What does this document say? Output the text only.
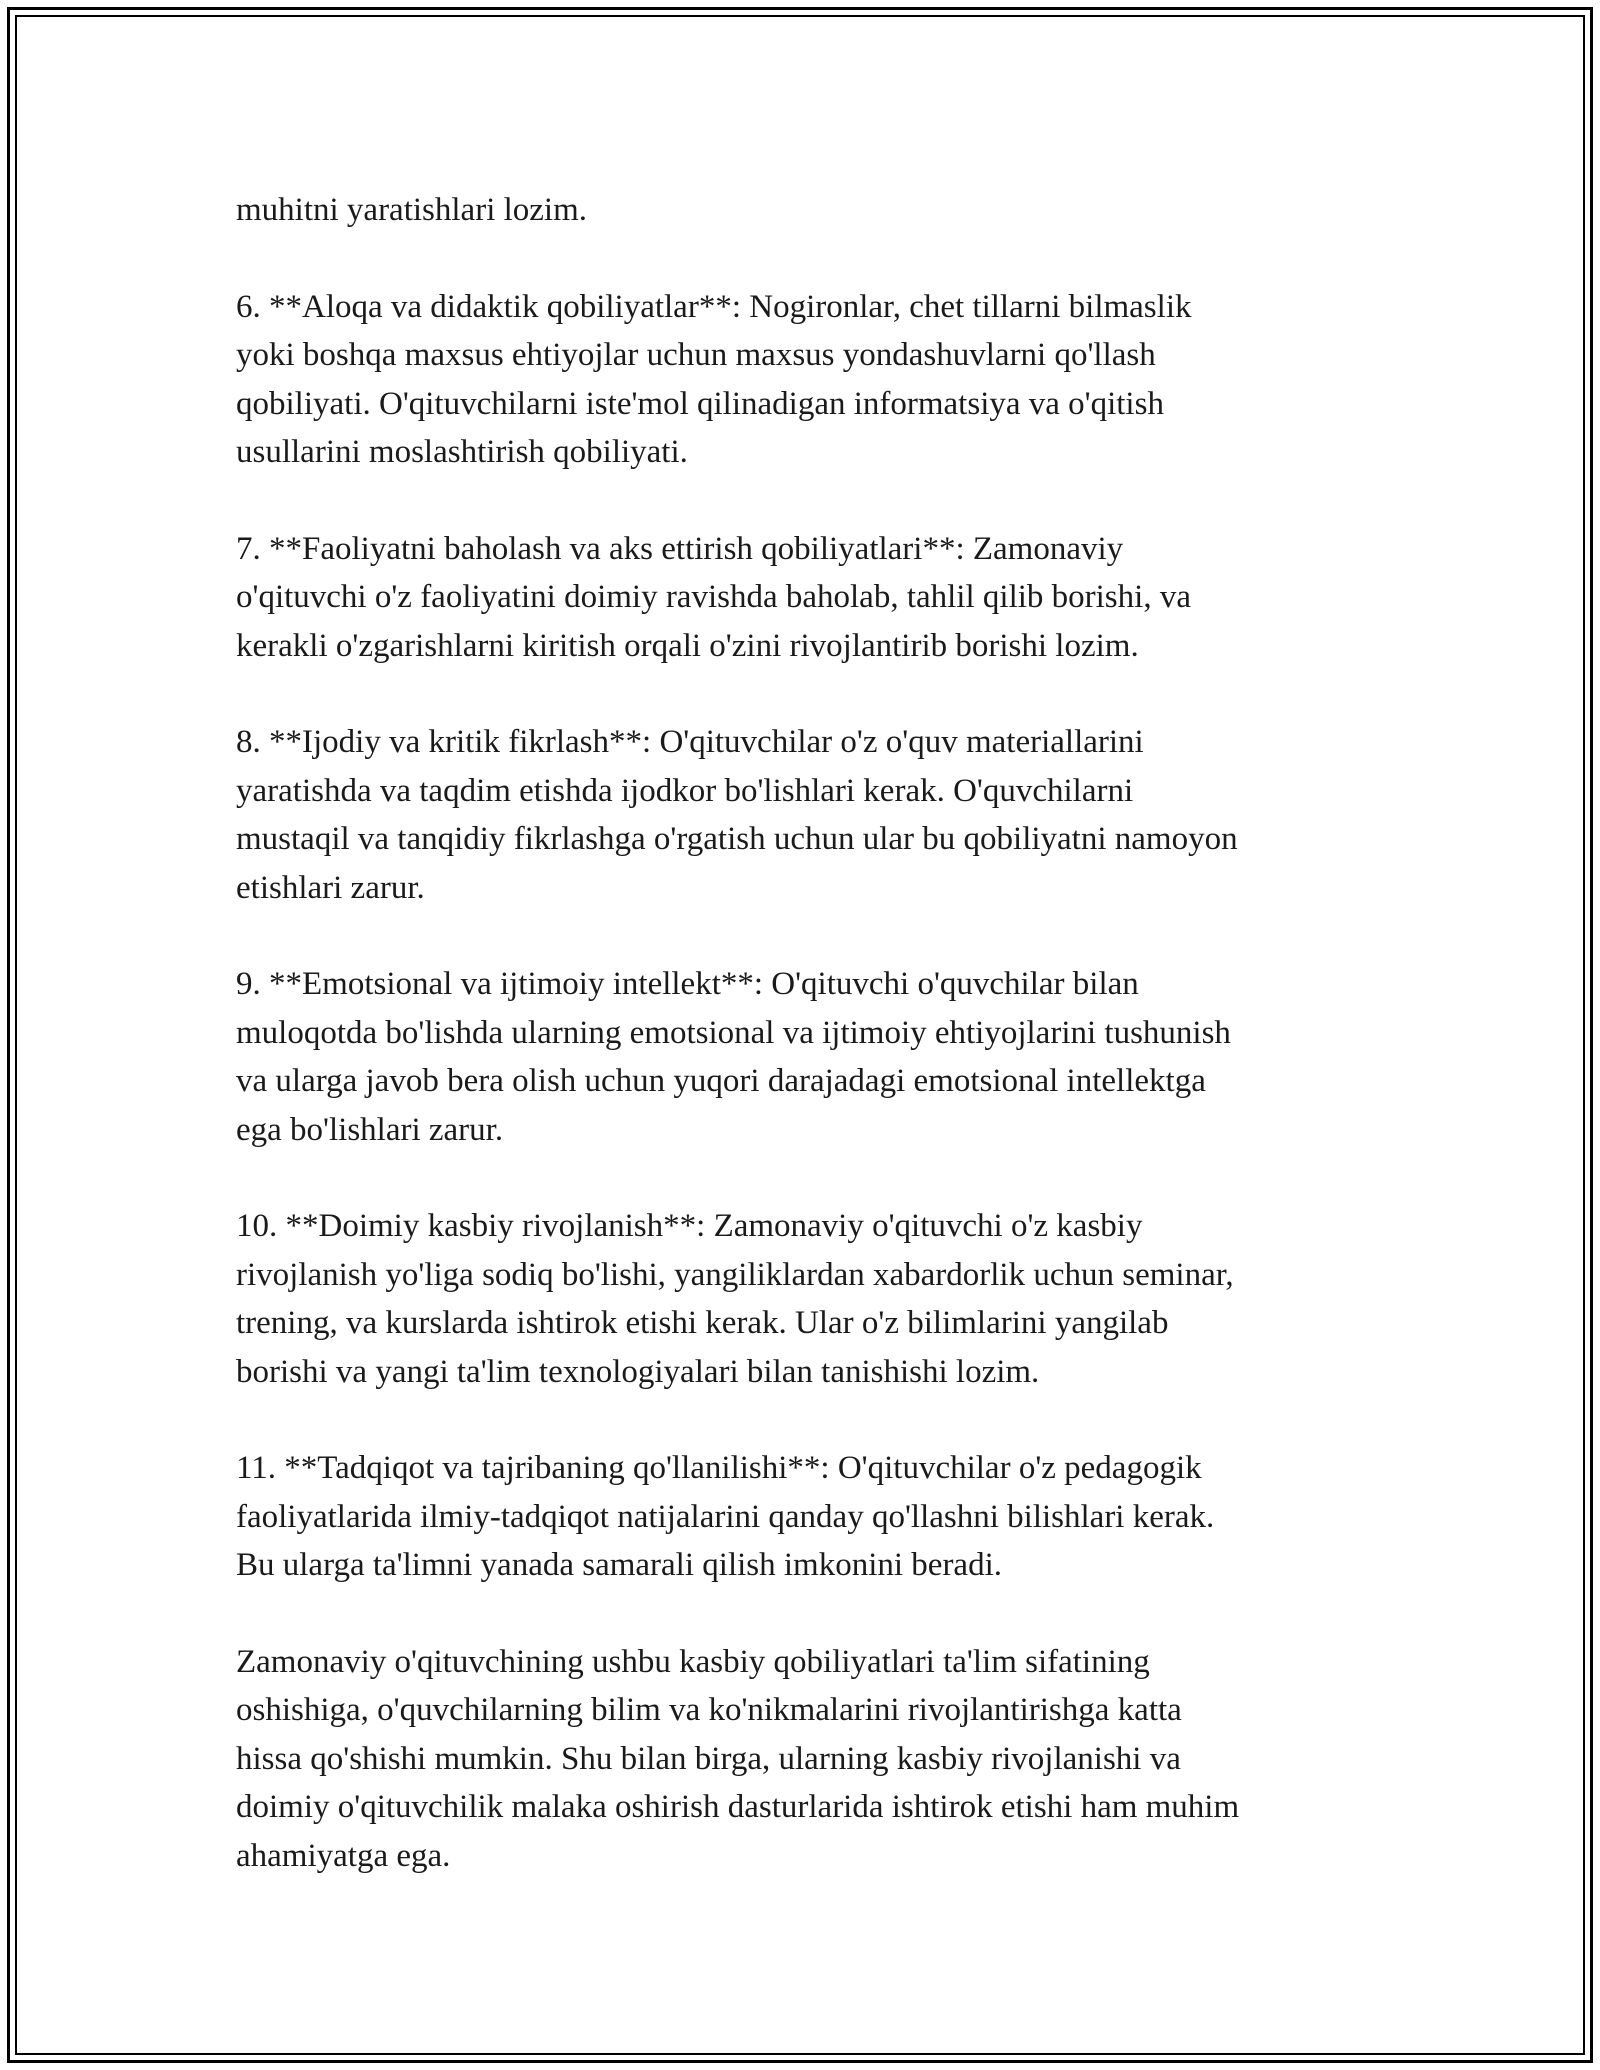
muhitni yaratishlari lozim.

6. **Aloqa va didaktik qobiliyatlar**: Nogironlar, chet tillarni bilmaslik
yoki boshqa maxsus ehtiyojlar uchun maxsus yondashuvlarni qo'llash
qobiliyati. O'qituvchilarni iste'mol qilinadigan informatsiya va o'qitish
usullarini moslashtirish qobiliyati.

7. **Faoliyatni baholash va aks ettirish qobiliyatlari**: Zamonaviy
o'qituvchi o'z faoliyatini doimiy ravishda baholab, tahlil qilib borishi, va
kerakli o'zgarishlarni kiritish orqali o'zini rivojlantirib borishi lozim.

8. **Ijodiy va kritik fikrlash**: O'qituvchilar o'z o'quv materiallarini
yaratishda va taqdim etishda ijodkor bo'lishlari kerak. O'quvchilarni
mustaqil va tanqidiy fikrlashga o'rgatish uchun ular bu qobiliyatni namoyon
etishlari zarur.

9. **Emotsional va ijtimoiy intellekt**: O'qituvchi o'quvchilar bilan
muloqotda bo'lishda ularning emotsional va ijtimoiy ehtiyojlarini tushunish
va ularga javob bera olish uchun yuqori darajadagi emotsional intellektga
ega bo'lishlari zarur.

10. **Doimiy kasbiy rivojlanish**: Zamonaviy o'qituvchi o'z kasbiy
rivojlanish yo'liga sodiq bo'lishi, yangiliklardan xabardorlik uchun seminar,
trening, va kurslarda ishtirok etishi kerak. Ular o'z bilimlarini yangilab
borishi va yangi ta'lim texnologiyalari bilan tanishishi lozim.

11. **Tadqiqot va tajribaning qo'llanilishi**: O'qituvchilar o'z pedagogik
faoliyatlarida ilmiy-tadqiqot natijalarini qanday qo'llashni bilishlari kerak.
Bu ularga ta'limni yanada samarali qilish imkonini beradi.

Zamonaviy o'qituvchining ushbu kasbiy qobiliyatlari ta'lim sifatining
oshishiga, o'quvchilarning bilim va ko'nikmalarini rivojlantirishga katta
hissa qo'shishi mumkin. Shu bilan birga, ularning kasbiy rivojlanishi va
doimiy o'qituvchilik malaka oshirish dasturlarida ishtirok etishi ham muhim
ahamiyatga ega.
